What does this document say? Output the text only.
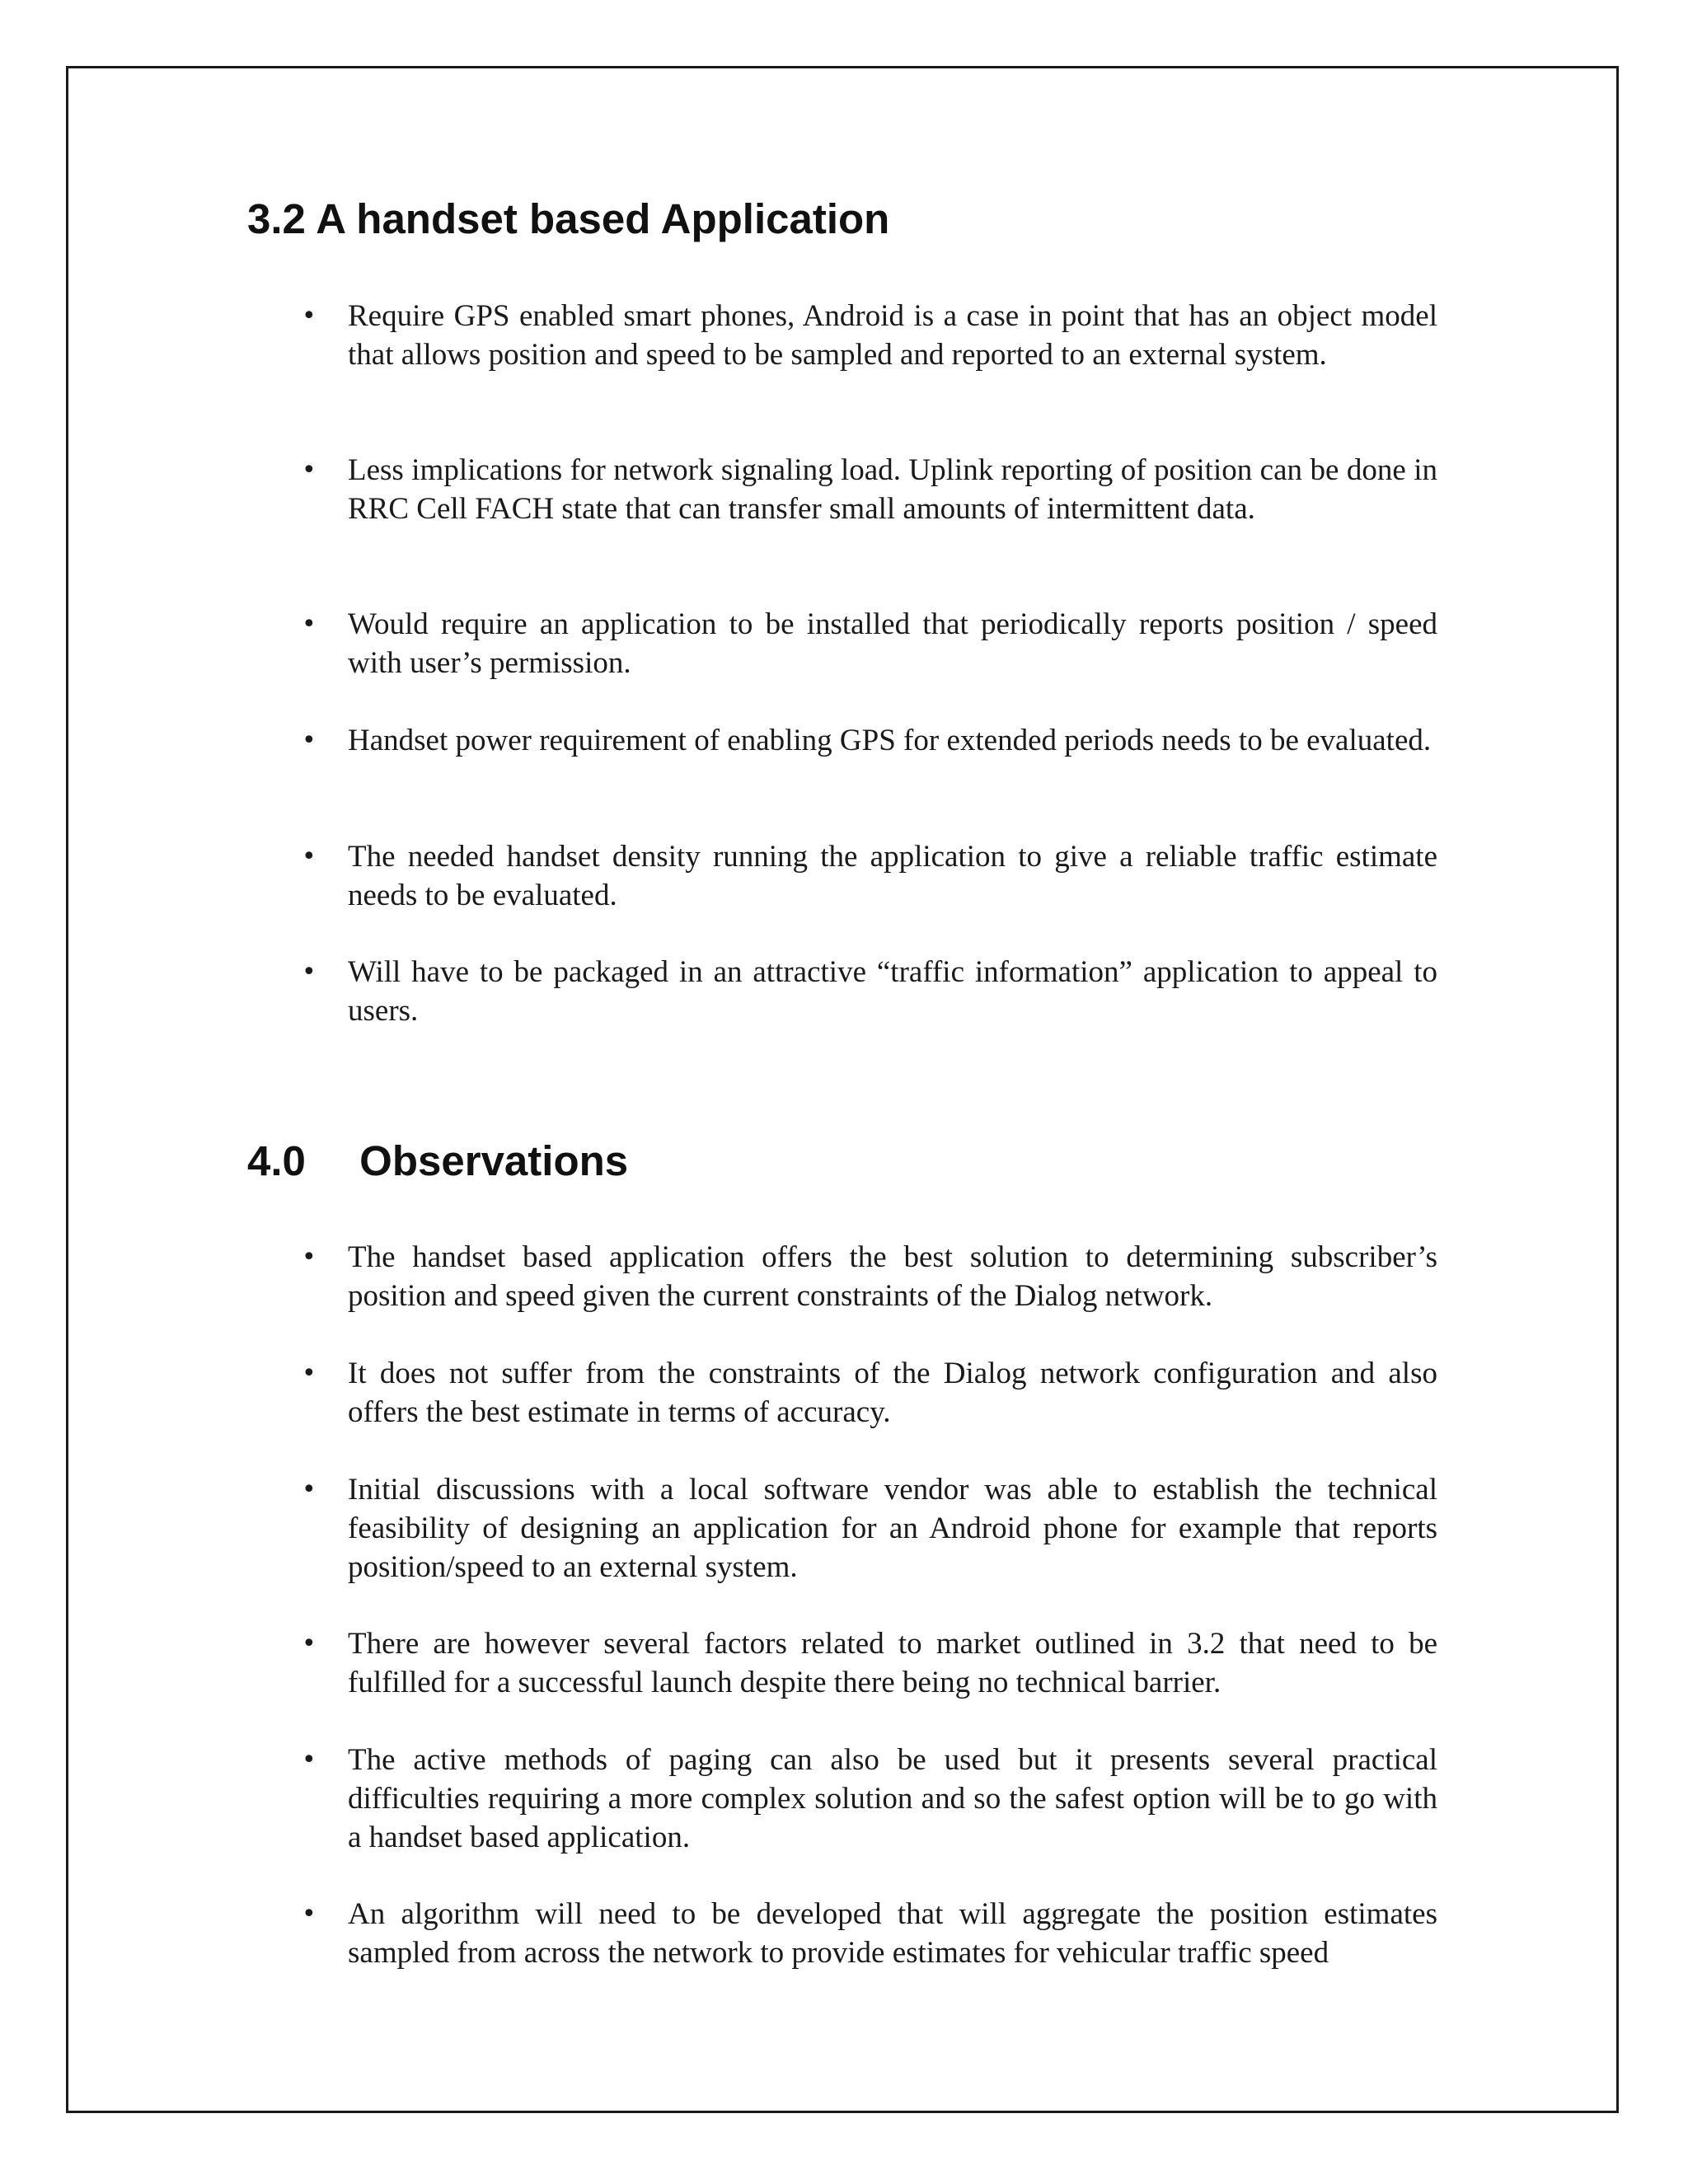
3.2 A handset based Application
• Require GPS enabled smart phones, Android is a case in point that has an object model that allows position and speed to be sampled and reported to an external system.
• Less implications for network signaling load. Uplink reporting of position can be done in RRC Cell FACH state that can transfer small amounts of intermittent data.
• Would require an application to be installed that periodically reports position / speed with user’s permission.
• Handset power requirement of enabling GPS for extended periods needs to be evaluated.
• The needed handset density running the application to give a reliable traffic estimate needs to be evaluated.
• Will have to be packaged in an attractive “traffic information” application to appeal to users.
4.0 Observations
• The handset based application offers the best solution to determining subscriber’s position and speed given the current constraints of the Dialog network.
• It does not suffer from the constraints of the Dialog network configuration and also offers the best estimate in terms of accuracy.
• Initial discussions with a local software vendor was able to establish the technical feasibility of designing an application for an Android phone for example that reports position/speed to an external system.
• There are however several factors related to market outlined in 3.2 that need to be fulfilled for a successful launch despite there being no technical barrier.
• The active methods of paging can also be used but it presents several practical difficulties requiring a more complex solution and so the safest option will be to go with a handset based application.
• An algorithm will need to be developed that will aggregate the position estimates sampled from across the network to provide estimates for vehicular traffic speed
